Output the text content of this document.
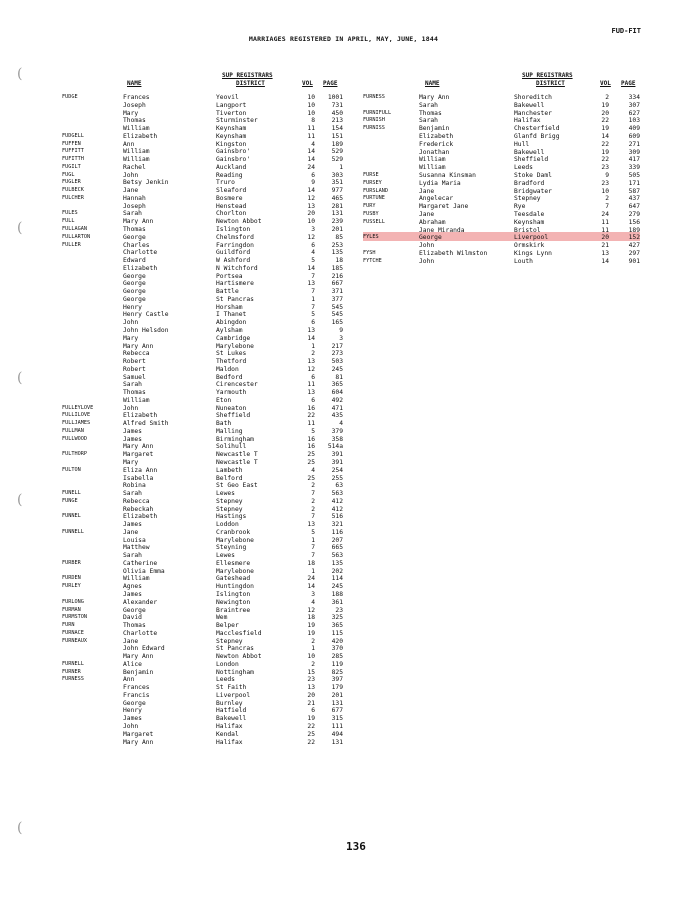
FUD-FIT
MARRIAGES REGISTERED IN APRIL, MAY, JUNE, 1844
(
(
(
(
(
NAME
SUP REGISTRARS
DISTRICT	VOL PAGE	NAME
SUP REGISTRARS
DISTRICT	VOL PAGE
FUDGE	Frances	Yeovil	10 1001
Joseph	Langport	10	731
Mary	Tiverton	10	450
Thomas	Sturminster	8	213
William	Keynsham	11	154
FUDGELL	Elizabeth	Keynsham	11	151
FUFFEN	Ann	Kingston	4	189
FUFFITT	William	Gainsbro'	14	529
FUFITTH	William	Gainsbro'	14	529
FUGILT	Rachel	Auckland	24	1
FUGL	John	Reading	6	303
FUGLER	Betsy Jenkin	Truro	9	351
FULBECK	Jane	Sleaford	14	977
FULCHER	Hannah	Bosmere	12	465
Joseph	Henstead	13	281
FULES	Sarah	Chorlton	20	131
FULL	Mary Ann	Newton Abbot	10	239
FULLAGAN	Thomas	Islington	3	201
FULLARTON	George	Chelmsford	12	85
FULLER	Charles	Farringdon	6	253
Charlotte	Guildford	4	135
Edward	W Ashford	5	18
Elizabeth	N Witchford	14	185
George	Portsea	7	216
George	Hartismere	13	667
George	Battle	7	371
George	St Pancras	1	377
Henry	Horsham	7	545
Henry Castle	I Thanet	5	545
John	Abingdon	6	165
John Helsdon	Aylsham	13	9
Mary	Cambridge	14	3
Mary Ann	Marylebone	1	217
Rebecca	St Lukes	2	273
Robert	Thetford	13	503
Robert	Maldon	12	245
Samuel	Bedford	6	81
Sarah	Cirencester	11	365
Thomas	Yarmouth	13	604
William	Eton	6	492
FULLEYLOVE	John	Nuneaton	16	471
FULLILOVE	Elizabeth	Sheffield	22	435
FULLJAMES	Alfred Smith	Bath	11	4
FULLMAN	James	Malling	5	379
FULLWOOD	James	Birmingham	16	358
Mary Ann	Solihull	16 514a
FULTHORP	Margaret	Newcastle T	25	391
Mary	Newcastle T	25	391
FULTON	Eliza Ann	Lambeth	4	254
Isabella	Belford	25	255
Robina	St Geo East	2	63
FUNELL	Sarah	Lewes	7	563
FUNGE	Rebecca	Stepney	2	412
Rebeckah	Stepney	2	412
FUNNEL	Elizabeth	Hastings	7	516
James	Loddon	13	321
FUNNELL	Jane	Cranbrook	5	116
Louisa	Marylebone	1	207
Matthew	Steyning	7	665
Sarah	Lewes	7	563
FURBER	Catherine	Ellesmere	18	135
Olivia Emma	Marylebone	1	202
FURDEN	William	Gateshead	24	114
FURLEY	Agnes	Huntingdon	14	245
James	Islington	3	188
FURLONG	Alexander	Newington	4	361
FURMAN	George	Braintree	12	23
FURMSTON	David	Wem	18	325
FURN	Thomas	Belper	19	365
FURNACE	Charlotte	Macclesfield	19	115
FURNEAUX	Jane	Stepney	2	420
John Edward	St Pancras	1	370
Mary Ann	Newton Abbot	10	285
FURNELL	Alice	London	2	119
FURNER	Benjamin	Nottingham	15	825
FURNESS	Ann	Leeds	23	397
Frances	St Faith	13	179
Francis	Liverpool	20	201
George	Burnley	21	131
Henry	Hatfield	6	677
James	Bakewell	19	315
John	Halifax	22	111
Margaret	Kendal	25	494
Mary Ann	Halifax	22	131
FURNESS	Mary Ann	Shoreditch	2	334
Sarah	Bakewell	19	307
FURNIFULL	Thomas	Manchester	20	627
FURNISH	Sarah	Halifax	22	103
FURNISS	Benjamin	Chesterfield	19	409
Elizabeth	Glanfd Brigg	14	609
Frederick	Hull	22	271
Jonathan	Bakewell	19	309
William	Sheffield	22	417
William	Leeds	23	339
FURSE	Susanna Kinsman	Stoke Daml	9	505
FURSEY	Lydia Maria	Bradford	23	171
FURSLAND	Jane	Bridgwater	10	587
FURTUNE	Angelecar	Stepney	2	437
FURY	Margaret Jane	Rye	7	647
FUSBY	Jane	Teesdale	24	279
FUSSELL	Abraham	Keynsham	11	156
Jane Miranda	Bristol	11	189
FYLES	George	Liverpool	20	152
John	Ormskirk	21	427
FYSH	Elizabeth Wilmston	Kings Lynn	13	297
FYTCHE	John	Louth	14	901
136
